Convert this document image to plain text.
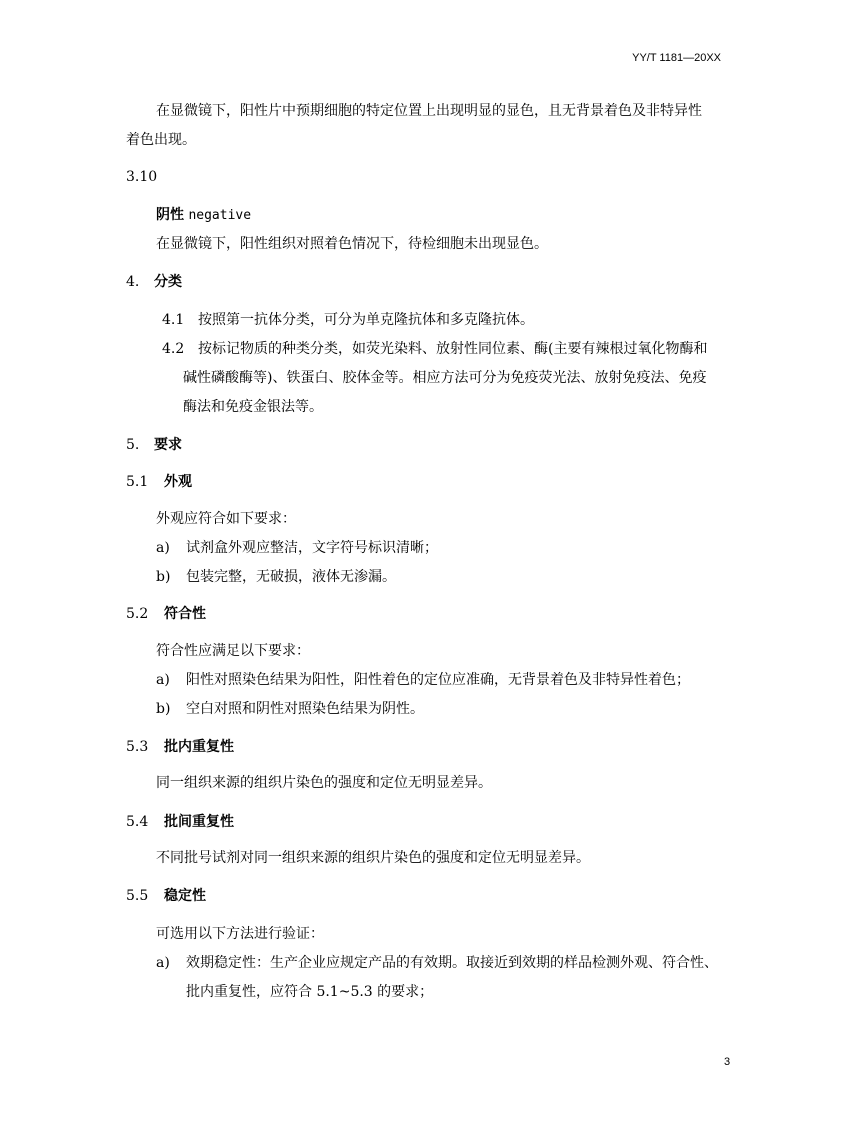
YY/T 1181—20XX
在显微镜下，阳性片中预期细胞的特定位置上出现明显的显色，且无背景着色及非特异性
着色出现。
3.10
阴性 negative
在显微镜下，阳性组织对照着色情况下，待检细胞未出现显色。
4. 分类
4.1 按照第一抗体分类，可分为单克隆抗体和多克隆抗体。
4.2 按标记物质的种类分类，如荧光染料、放射性同位素、酶(主要有辣根过氧化物酶和
碱性磷酸酶等)、铁蛋白、胶体金等。相应方法可分为免疫荧光法、放射免疫法、免疫
酶法和免疫金银法等。
5. 要求
5.1 外观
外观应符合如下要求：
a) 试剂盒外观应整洁，文字符号标识清晰；
b) 包装完整，无破损，液体无渗漏。
5.2 符合性
符合性应满足以下要求：
a) 阳性对照染色结果为阳性，阳性着色的定位应准确，无背景着色及非特异性着色；
b) 空白对照和阴性对照染色结果为阴性。
5.3 批内重复性
同一组织来源的组织片染色的强度和定位无明显差异。
5.4 批间重复性
不同批号试剂对同一组织来源的组织片染色的强度和定位无明显差异。
5.5 稳定性
可选用以下方法进行验证：
a) 效期稳定性：生产企业应规定产品的有效期。取接近到效期的样品检测外观、符合性、
批内重复性，应符合 5.1~5.3 的要求；
3
